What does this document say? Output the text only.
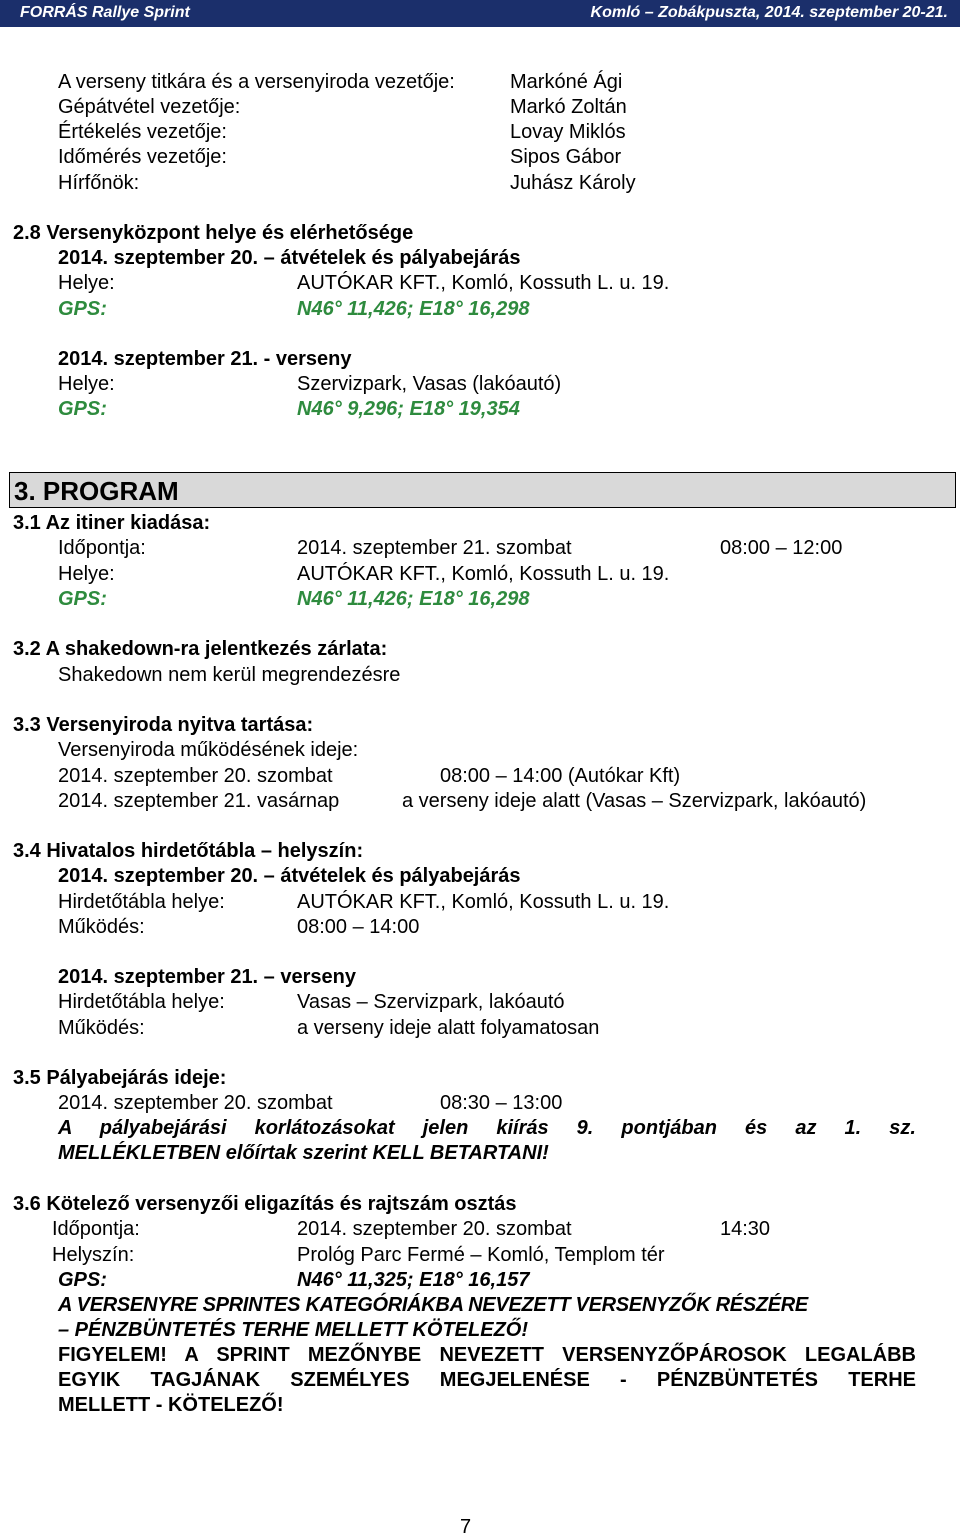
FORRÁS Rallye Sprint	Komló – Zobákpuszta, 2014. szeptember 20-21.
A verseny titkára és a versenyiroda vezetője:	Markóné Ági
Gépátvétel vezetője:	Markó Zoltán
Értékelés vezetője:	Lovay Miklós
Időmérés vezetője:	Sipos Gábor
Hírfőnök:	Juhász Károly
2.8 Versenyközpont helye és elérhetősége
2014. szeptember 20. – átvételek és pályabejárás
Helye:	AUTÓKAR KFT., Komló, Kossuth L. u. 19.
GPS:	N46° 11,426; E18° 16,298
2014. szeptember 21. - verseny
Helye:	Szervizpark, Vasas (lakóautó)
GPS:	N46° 9,296; E18° 19,354
3. PROGRAM
3.1 Az itiner kiadása:
Időpontja:	2014. szeptember 21. szombat	08:00 – 12:00
Helye:	AUTÓKAR KFT., Komló, Kossuth L. u. 19.
GPS:	N46° 11,426; E18° 16,298
3.2 A shakedown-ra jelentkezés zárlata:
Shakedown nem kerül megrendezésre
3.3 Versenyiroda nyitva tartása:
Versenyiroda működésének ideje:
2014. szeptember 20. szombat	08:00 – 14:00 (Autókar Kft)
2014. szeptember 21. vasárnap	a verseny ideje alatt (Vasas – Szervizpark, lakóautó)
3.4 Hivatalos hirdetőtábla – helyszín:
2014. szeptember 20. – átvételek és pályabejárás
Hirdetőtábla helye:	AUTÓKAR KFT., Komló, Kossuth L. u. 19.
Működés:	08:00 – 14:00
2014. szeptember 21. – verseny
Hirdetőtábla helye:	Vasas – Szervizpark, lakóautó
Működés:	a verseny ideje alatt folyamatosan
3.5 Pályabejárás ideje:
2014. szeptember 20. szombat	08:30 – 13:00
A pályabejárási korlátozásokat jelen kiírás 9. pontjában és az 1. sz.
MELLÉKLETBEN előírtak szerint KELL BETARTANI!
3.6 Kötelező versenyzői eligazítás és rajtszám osztás
Időpontja:	2014. szeptember 20. szombat	14:30
Helyszín:	Prológ Parc Fermé – Komló, Templom tér
GPS:	N46° 11,325; E18° 16,157
A VERSENYRE SPRINTES KATEGÓRIÁKBA NEVEZETT VERSENYZŐK RÉSZÉRE
– PÉNZBÜNTETÉS TERHE MELLETT KÖTELEZŐ!
FIGYELEM! A SPRINT MEZŐNYBE NEVEZETT VERSENYZŐPÁROSOK LEGALÁBB
EGYIK TAGJÁNAK SZEMÉLYES MEGJELENÉSE - PÉNZBÜNTETÉS TERHE
MELLETT - KÖTELEZŐ!
7
